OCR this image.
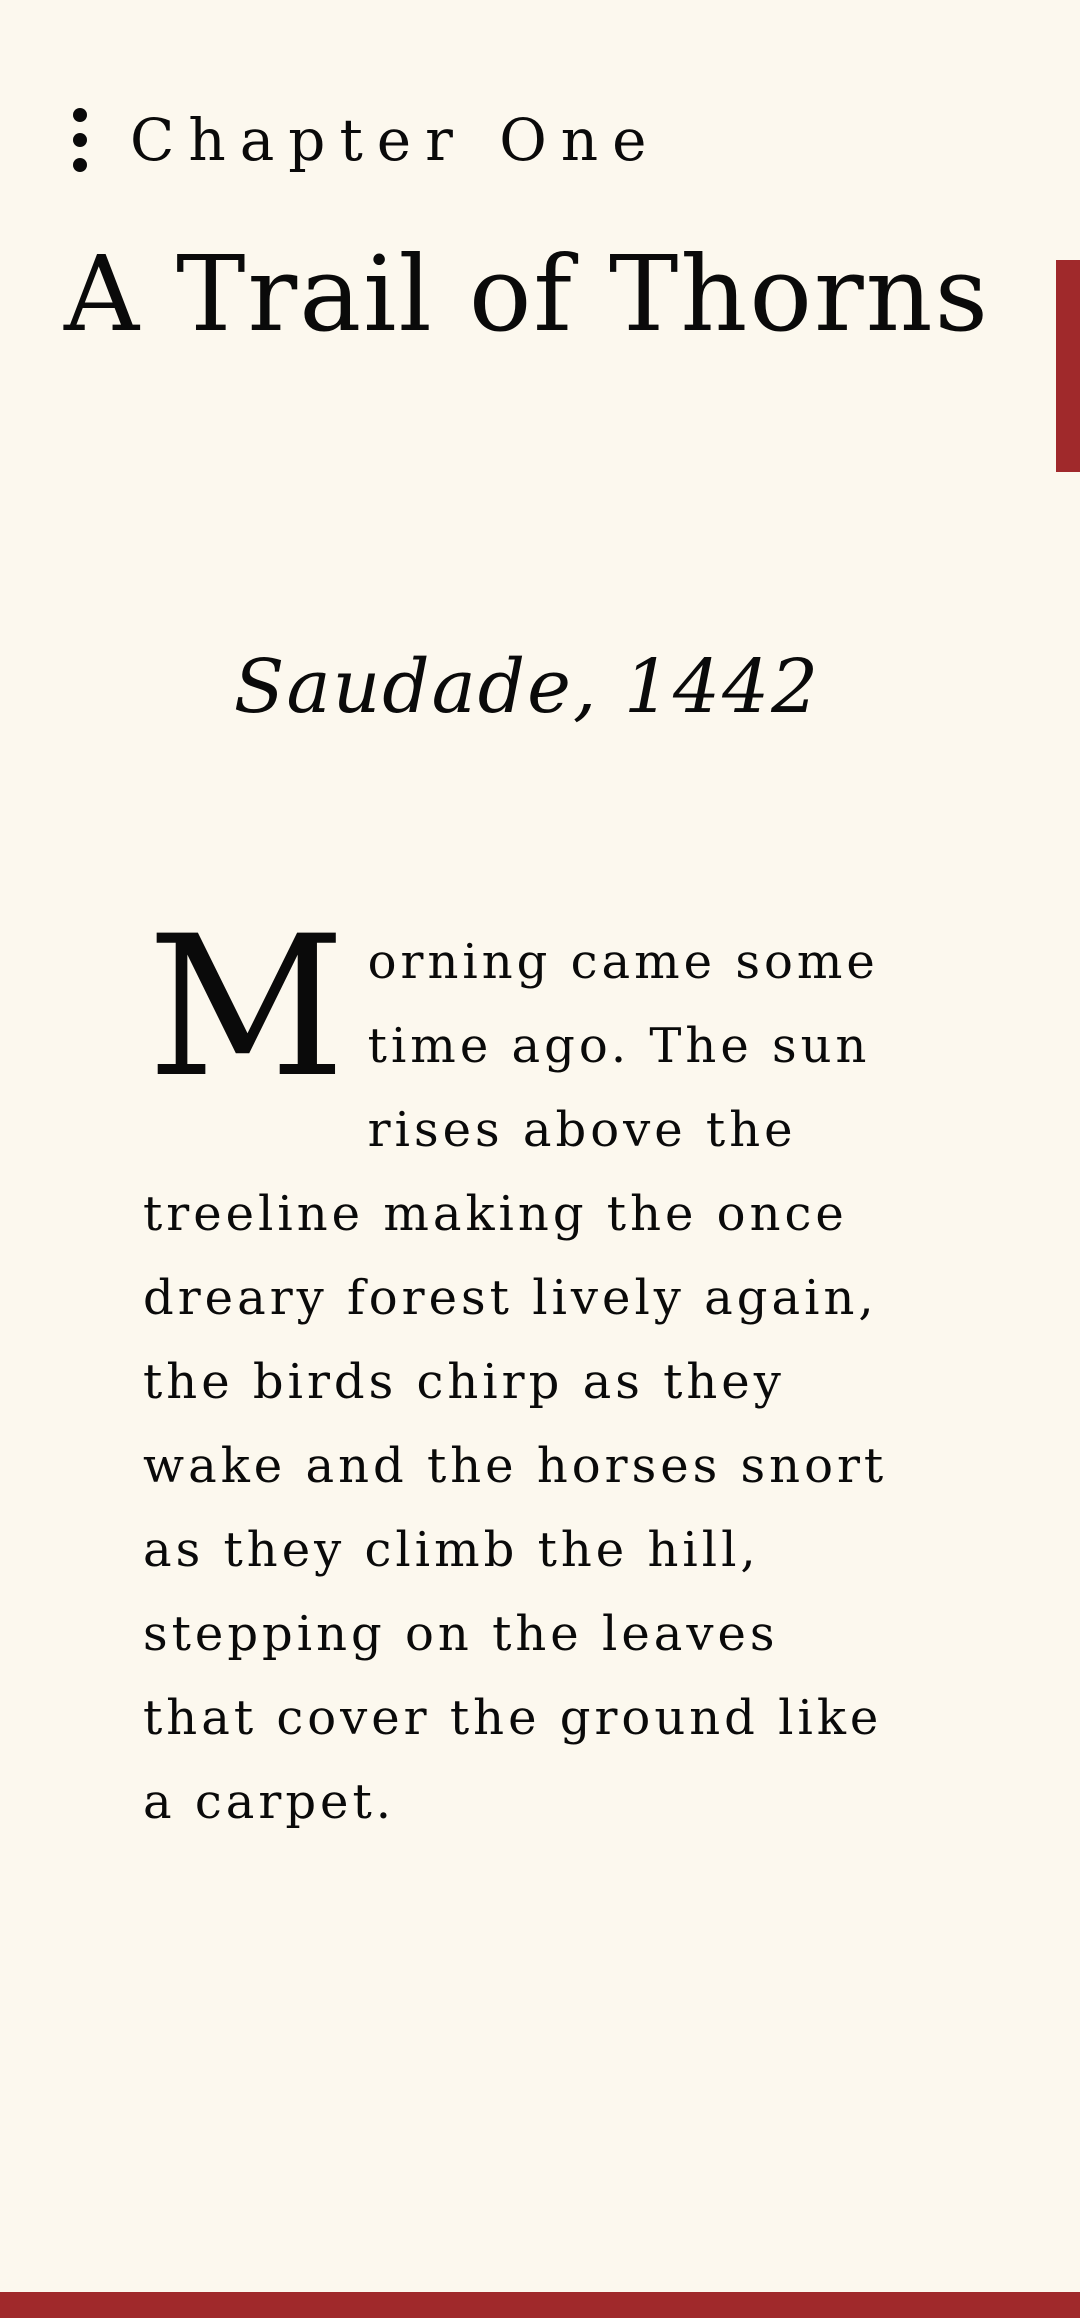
Chapter One
A Trail of Thorns
Saudade, 1442
Morning came some time ago. The sun rises above the treeline making the once dreary forest lively again, the birds chirp as they wake and the horses snort as they climb the hill, stepping on the leaves that cover the ground like a carpet.
